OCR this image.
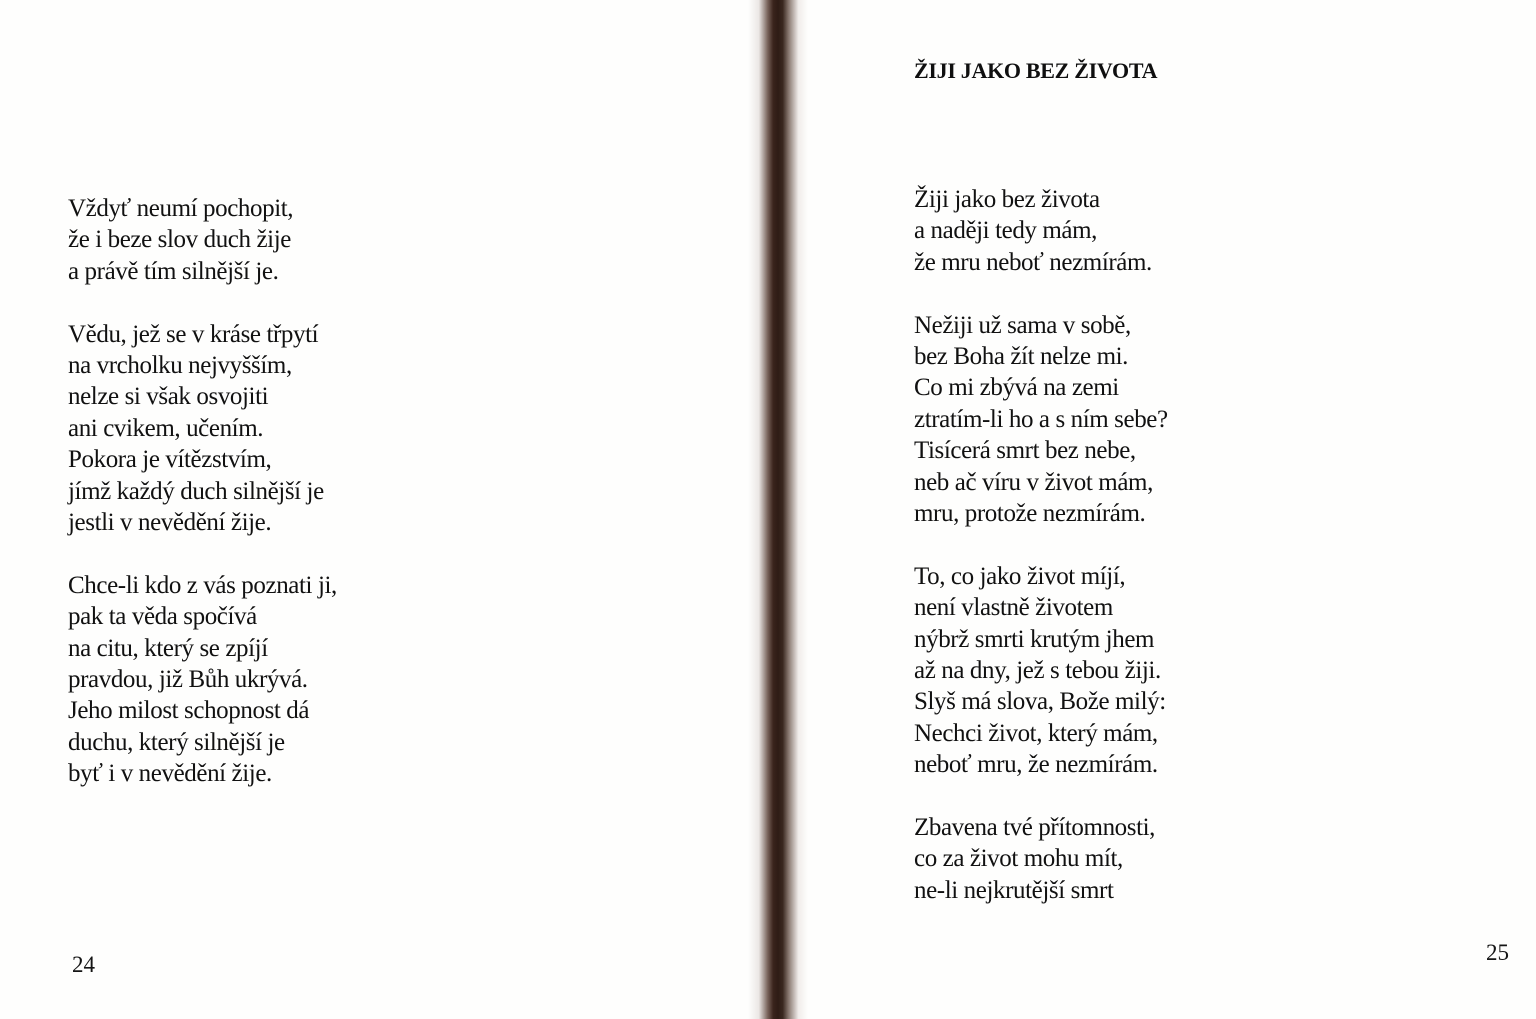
Vždyť neumí pochopit,
že i beze slov duch žije
a právě tím silnější je.
Vědu, jež se v kráse třpytí
na vrcholku nejvyšším,
nelze si však osvojiti
ani cvikem, učením.
Pokora je vítězstvím,
jímž každý duch silnější je
jestli v nevědění žije.
Chce-li kdo z vás poznati ji,
pak ta věda spočívá
na citu, který se zpíjí
pravdou, již Bůh ukrývá.
Jeho milost schopnost dá
duchu, který silnější je
byť i v nevědění žije.
24
ŽIJI JAKO BEZ ŽIVOTA
Žiji jako bez života
a naději tedy mám,
že mru neboť nezmírám.
Nežiji už sama v sobě,
bez Boha žít nelze mi.
Co mi zbývá na zemi
ztratím-li ho a s ním sebe?
Tisícerá smrt bez nebe,
neb ač víru v život mám,
mru, protože nezmírám.
To, co jako život míjí,
není vlastně životem
nýbrž smrti krutým jhem
až na dny, jež s tebou žiji.
Slyš má slova, Bože milý:
Nechci život, který mám,
neboť mru, že nezmírám.
Zbavena tvé přítomnosti,
co za život mohu mít,
ne-li nejkrutější smrt
25
